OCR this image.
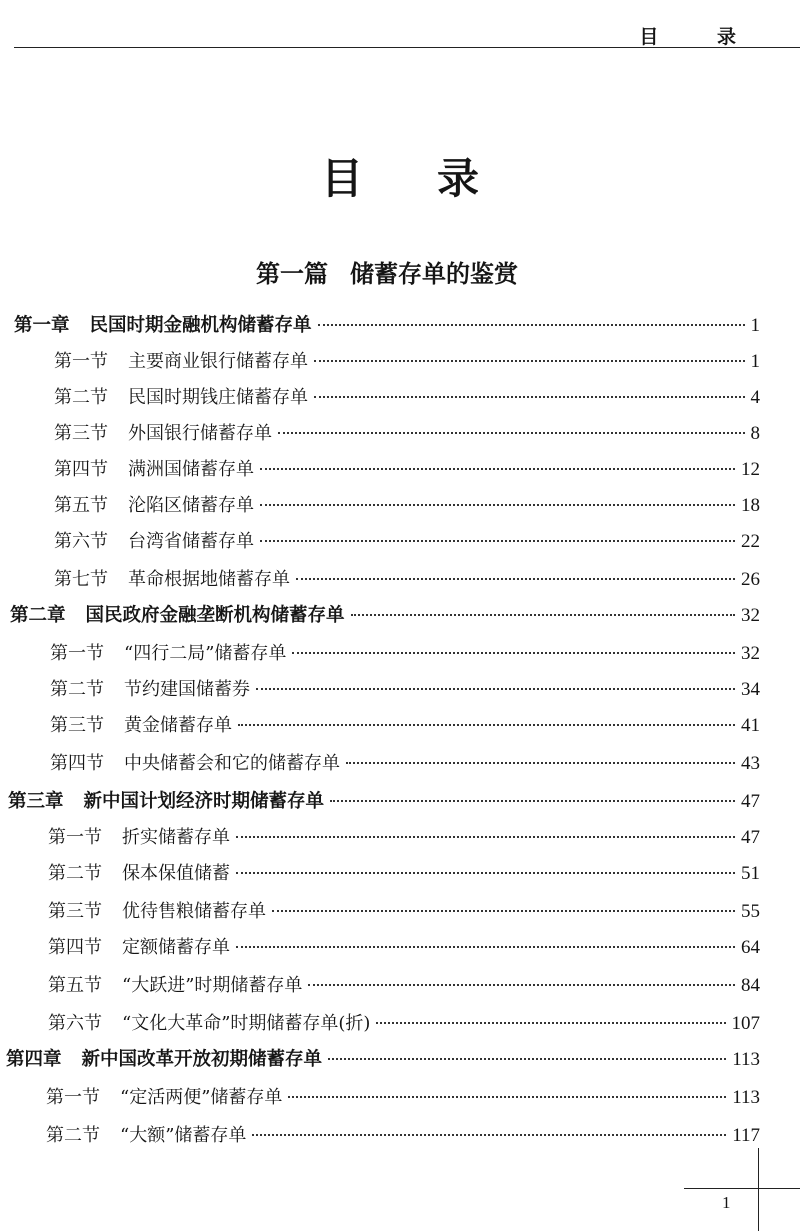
目 录
目录
第一篇 储蓄存单的鉴赏
第一章 民国时期金融机构储蓄存单	1
第一节 主要商业银行储蓄存单	1
第二节 民国时期钱庄储蓄存单	4
第三节 外国银行储蓄存单	8
第四节 满洲国储蓄存单	12
第五节 沦陷区储蓄存单	18
第六节 台湾省储蓄存单	22
第七节 革命根据地储蓄存单	26
第二章 国民政府金融垄断机构储蓄存单	32
第一节 “四行二局”储蓄存单	32
第二节 节约建国储蓄券	34
第三节 黄金储蓄存单	41
第四节 中央储蓄会和它的储蓄存单	43
第三章 新中国计划经济时期储蓄存单	47
第一节 折实储蓄存单	47
第二节 保本保值储蓄	51
第三节 优待售粮储蓄存单	55
第四节 定额储蓄存单	64
第五节 “大跃进”时期储蓄存单	84
第六节 “文化大革命”时期储蓄存单(折)	107
第四章 新中国改革开放初期储蓄存单	113
第一节 “定活两便”储蓄存单	113
第二节 “大额”储蓄存单	117
1
